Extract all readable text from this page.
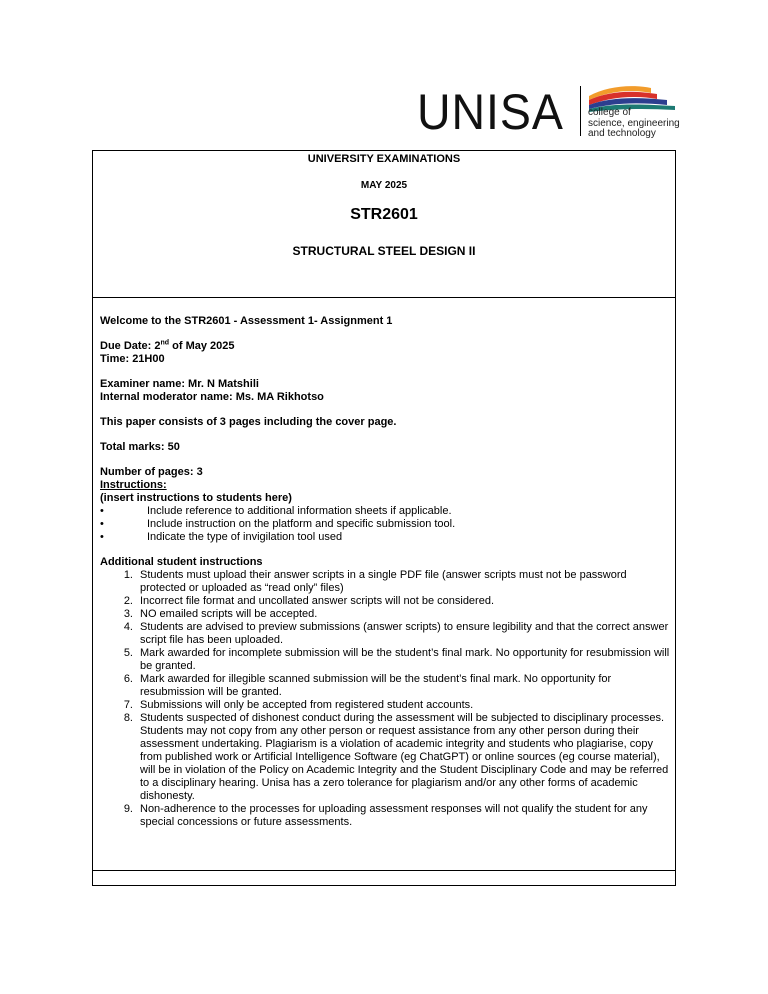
UNISA college of
science, engineering
and technology
UNIVERSITY EXAMINATIONS
MAY 2025
STR2601
STRUCTURAL STEEL DESIGN II
Welcome to the STR2601 - Assessment 1- Assignment 1
Due Date: 2nd of May 2025
Time: 21H00
Examiner name: Mr. N Matshili
Internal moderator name: Ms. MA Rikhotso
This paper consists of 3 pages including the cover page.
Total marks: 50
Number of pages: 3
Instructions:
(insert instructions to students here)
•	Include reference to additional information sheets if applicable.
•	Include instruction on the platform and specific submission tool.
•	Indicate the type of invigilation tool used
Additional student instructions
1. Students must upload their answer scripts in a single PDF file (answer scripts must not be password protected or uploaded as “read only” files)
2. Incorrect file format and uncollated answer scripts will not be considered.
3. NO emailed scripts will be accepted.
4. Students are advised to preview submissions (answer scripts) to ensure legibility and that the correct answer script file has been uploaded.
5. Mark awarded for incomplete submission will be the student’s final mark. No opportunity for resubmission will be granted.
6. Mark awarded for illegible scanned submission will be the student’s final mark. No opportunity for resubmission will be granted.
7. Submissions will only be accepted from registered student accounts.
8. Students suspected of dishonest conduct during the assessment will be subjected to disciplinary processes. Students may not copy from any other person or request assistance from any other person during their assessment undertaking. Plagiarism is a violation of academic integrity and students who plagiarise, copy from published work or Artificial Intelligence Software (eg ChatGPT) or online sources (eg course material), will be in violation of the Policy on Academic Integrity and the Student Disciplinary Code and may be referred to a disciplinary hearing. Unisa has a zero tolerance for plagiarism and/or any other forms of academic dishonesty.
9. Non-adherence to the processes for uploading assessment responses will not qualify the student for any special concessions or future assessments.
